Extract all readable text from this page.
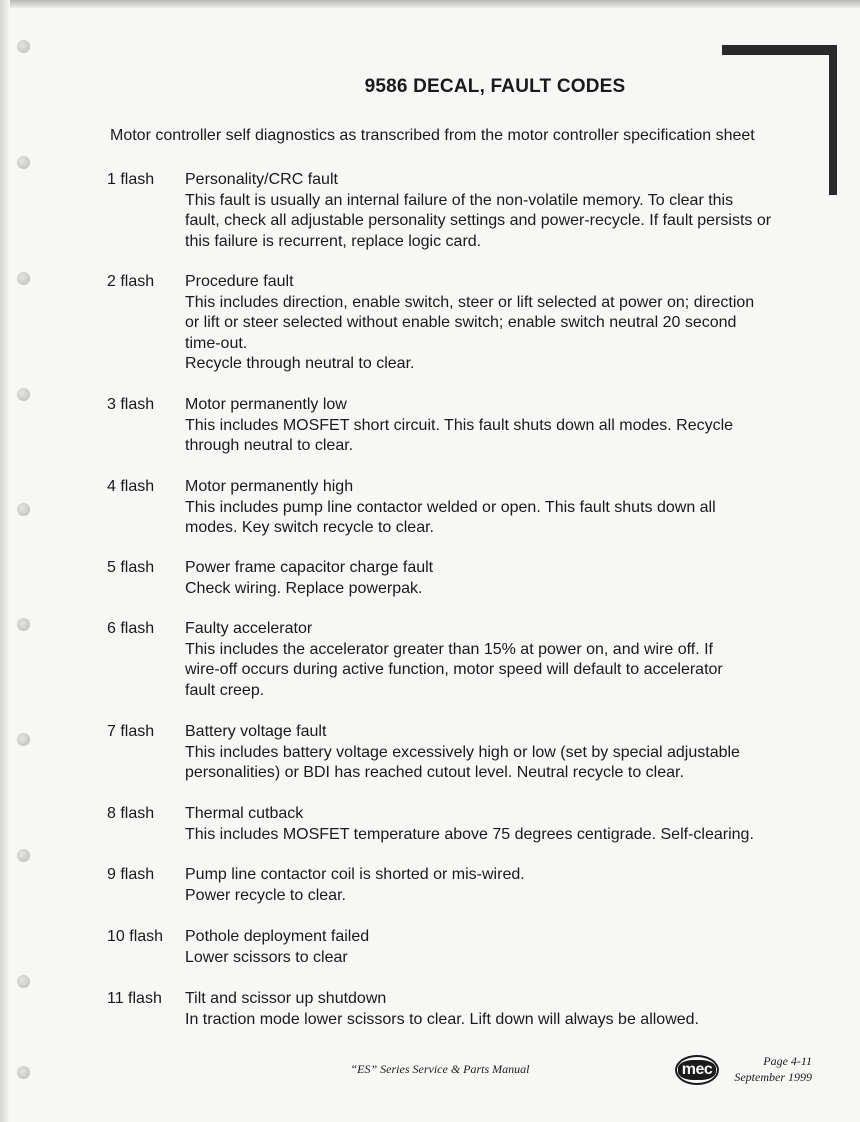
9586 DECAL, FAULT CODES
Motor controller self diagnostics as transcribed from the motor controller specification sheet
1 flash	Personality/CRC fault

This fault is usually an internal failure of the non-volatile memory. To clear this

fault, check all adjustable personality settings and power-recycle. If fault persists or

this failure is recurrent, replace logic card.

2 flash	Procedure fault

This includes direction, enable switch, steer or lift selected at power on; direction

or lift or steer selected without enable switch; enable switch neutral 20 second

time-out.

Recycle through neutral to clear.

3 flash	Motor permanently low

This includes MOSFET short circuit. This fault shuts down all modes. Recycle

through neutral to clear.

4 flash	Motor permanently high

This includes pump line contactor welded or open. This fault shuts down all

modes. Key switch recycle to clear.

5 flash	Power frame capacitor charge fault

Check wiring. Replace powerpak.

6 flash	Faulty accelerator

This includes the accelerator greater than 15% at power on, and wire off. If

wire-off occurs during active function, motor speed will default to accelerator

fault creep.

7 flash	Battery voltage fault

This includes battery voltage excessively high or low (set by special adjustable

personalities) or BDI has reached cutout level. Neutral recycle to clear.

8 flash	Thermal cutback

This includes MOSFET temperature above 75 degrees centigrade. Self-clearing.

9 flash	Pump line contactor coil is shorted or mis-wired.

Power recycle to clear.

10 flash	Pothole deployment failed

Lower scissors to clear

11 flash	Tilt and scissor up shutdown

In traction mode lower scissors to clear. Lift down will always be allowed.

“ES” Series Service & Parts Manual	mec	Page 4-11
September 1999
